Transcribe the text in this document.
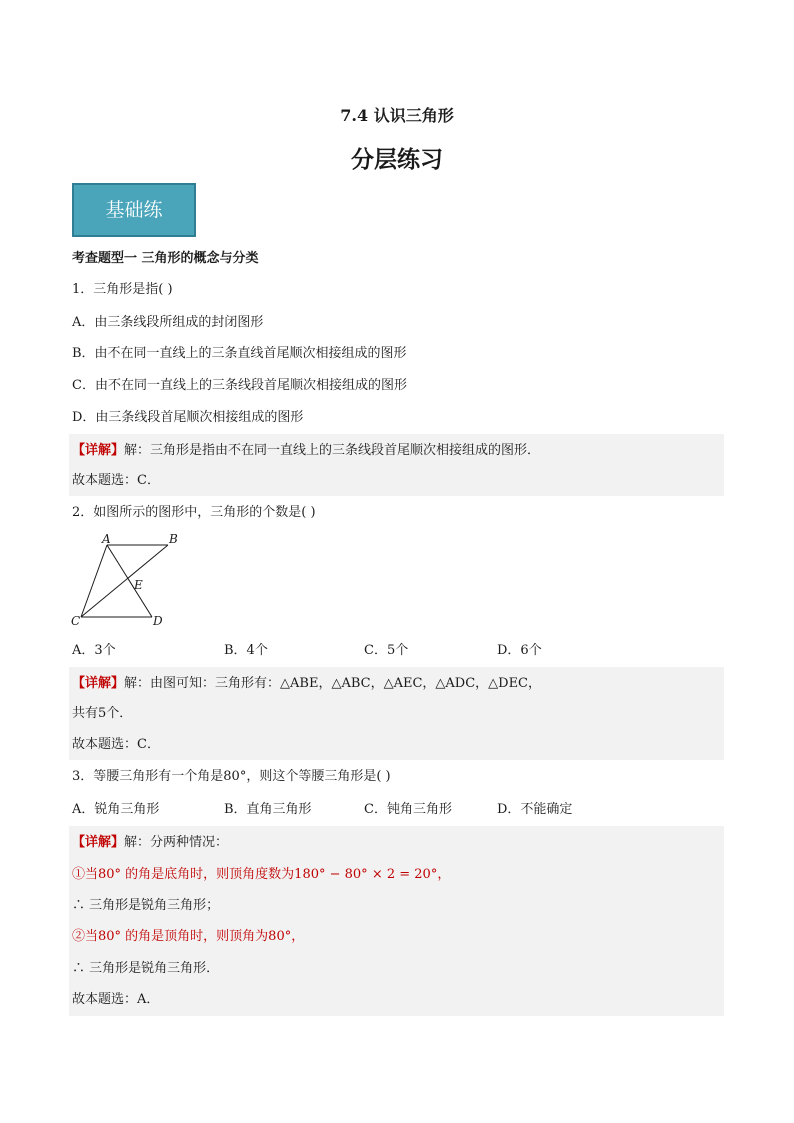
7.4 认识三角形
分层练习
基础练
考查题型一 三角形的概念与分类
1．三角形是指( )
A．由三条线段所组成的封闭图形
B．由不在同一直线上的三条直线首尾顺次相接组成的图形
C．由不在同一直线上的三条线段首尾顺次相接组成的图形
D．由三条线段首尾顺次相接组成的图形
【详解】解：三角形是指由不在同一直线上的三条线段首尾顺次相接组成的图形．
故本题选：C．
2．如图所示的图形中，三角形的个数是( )
A	B
E
C	D
A．3个	B．4个	C．5个	D．6个
【详解】解：由图可知：三角形有：△ABE，△ABC，△AEC，△ADC，△DEC，
共有5个．
故本题选：C．
3．等腰三角形有一个角是80°，则这个等腰三角形是( )
A．锐角三角形	B．直角三角形	C．钝角三角形	D．不能确定
【详解】解：分两种情况：
①当80° 的角是底角时，则顶角度数为180° − 80° × 2 = 20°，
∴ 三角形是锐角三角形；
②当80° 的角是顶角时，则顶角为80°，
∴ 三角形是锐角三角形．
故本题选：A．
